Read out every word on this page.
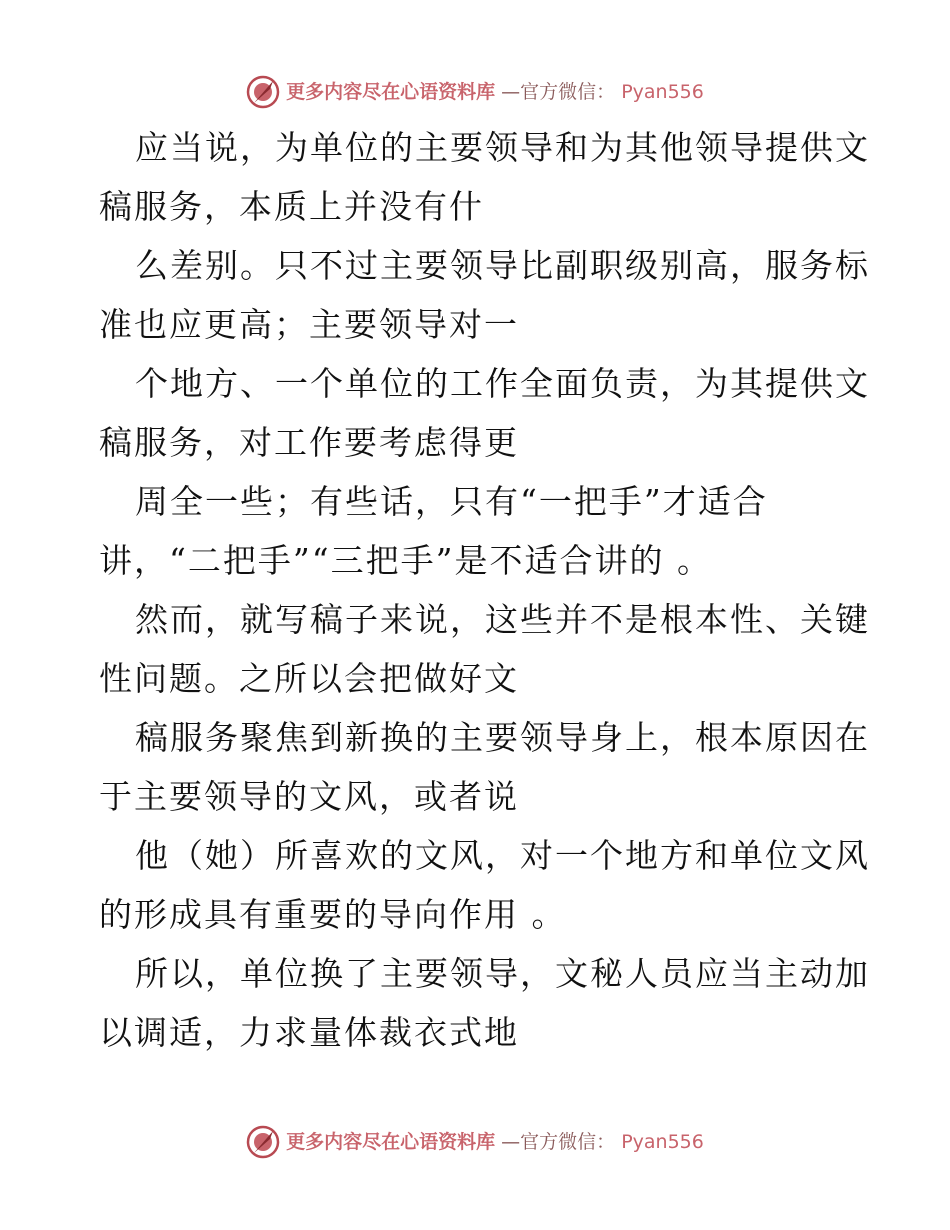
更多内容尽在心语资料库 —官方微信： Pyan556
应当说，为单位的主要领导和为其他领导提供文
稿服务，本质上并没有什
么差别。只不过主要领导比副职级别高，服务标
准也应更高；主要领导对一
个地方、一个单位的工作全面负责，为其提供文
稿服务，对工作要考虑得更
周全一些；有些话，只有“一把手”才适合
讲，“二把手”“三把手”是不适合讲的 。
然而，就写稿子来说，这些并不是根本性、关键
性问题。之所以会把做好文
稿服务聚焦到新换的主要领导身上，根本原因在
于主要领导的文风，或者说
他（她）所喜欢的文风，对一个地方和单位文风
的形成具有重要的导向作用 。
所以，单位换了主要领导，文秘人员应当主动加
以调适，力求量体裁衣式地
更多内容尽在心语资料库 —官方微信： Pyan556
